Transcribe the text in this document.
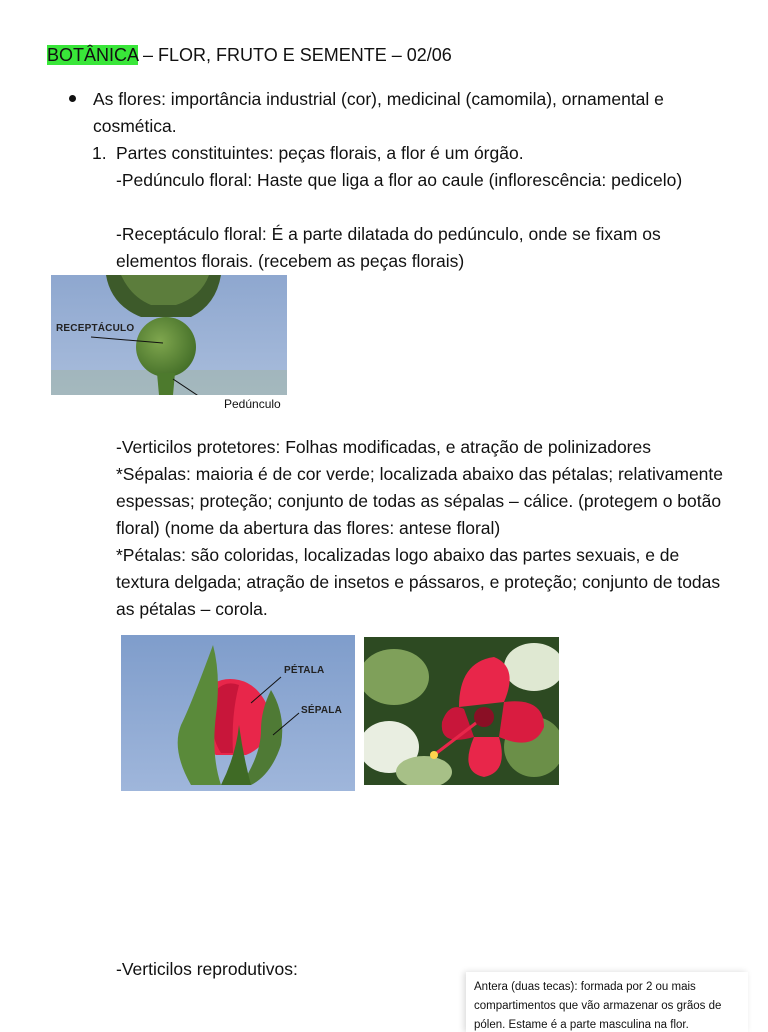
BOTÂNICA – FLOR, FRUTO E SEMENTE – 02/06
As flores: importância industrial (cor), medicinal (camomila), ornamental e cosmética.
1. Partes constituintes: peças florais, a flor é um órgão.
-Pedúnculo floral: Haste que liga a flor ao caule (inflorescência: pedicelo)
-Receptáculo floral: É a parte dilatada do pedúnculo, onde se fixam os elementos florais. (recebem as peças florais)
RECEPTÁCULO
Pedúnculo
-Verticilos protetores: Folhas modificadas, e atração de polinizadores
*Sépalas: maioria é de cor verde; localizada abaixo das pétalas; relativamente espessas; proteção; conjunto de todas as sépalas – cálice. (protegem o botão floral) (nome da abertura das flores: antese floral)
*Pétalas: são coloridas, localizadas logo abaixo das partes sexuais, e de textura delgada; atração de insetos e pássaros, e proteção; conjunto de todas as pétalas – corola.
PÉTALA
SÉPALA
-Verticilos reprodutivos:
Antera (duas tecas): formada por 2 ou mais compartimentos que vão armazenar os grãos de pólen. Estame é a parte masculina na flor.
